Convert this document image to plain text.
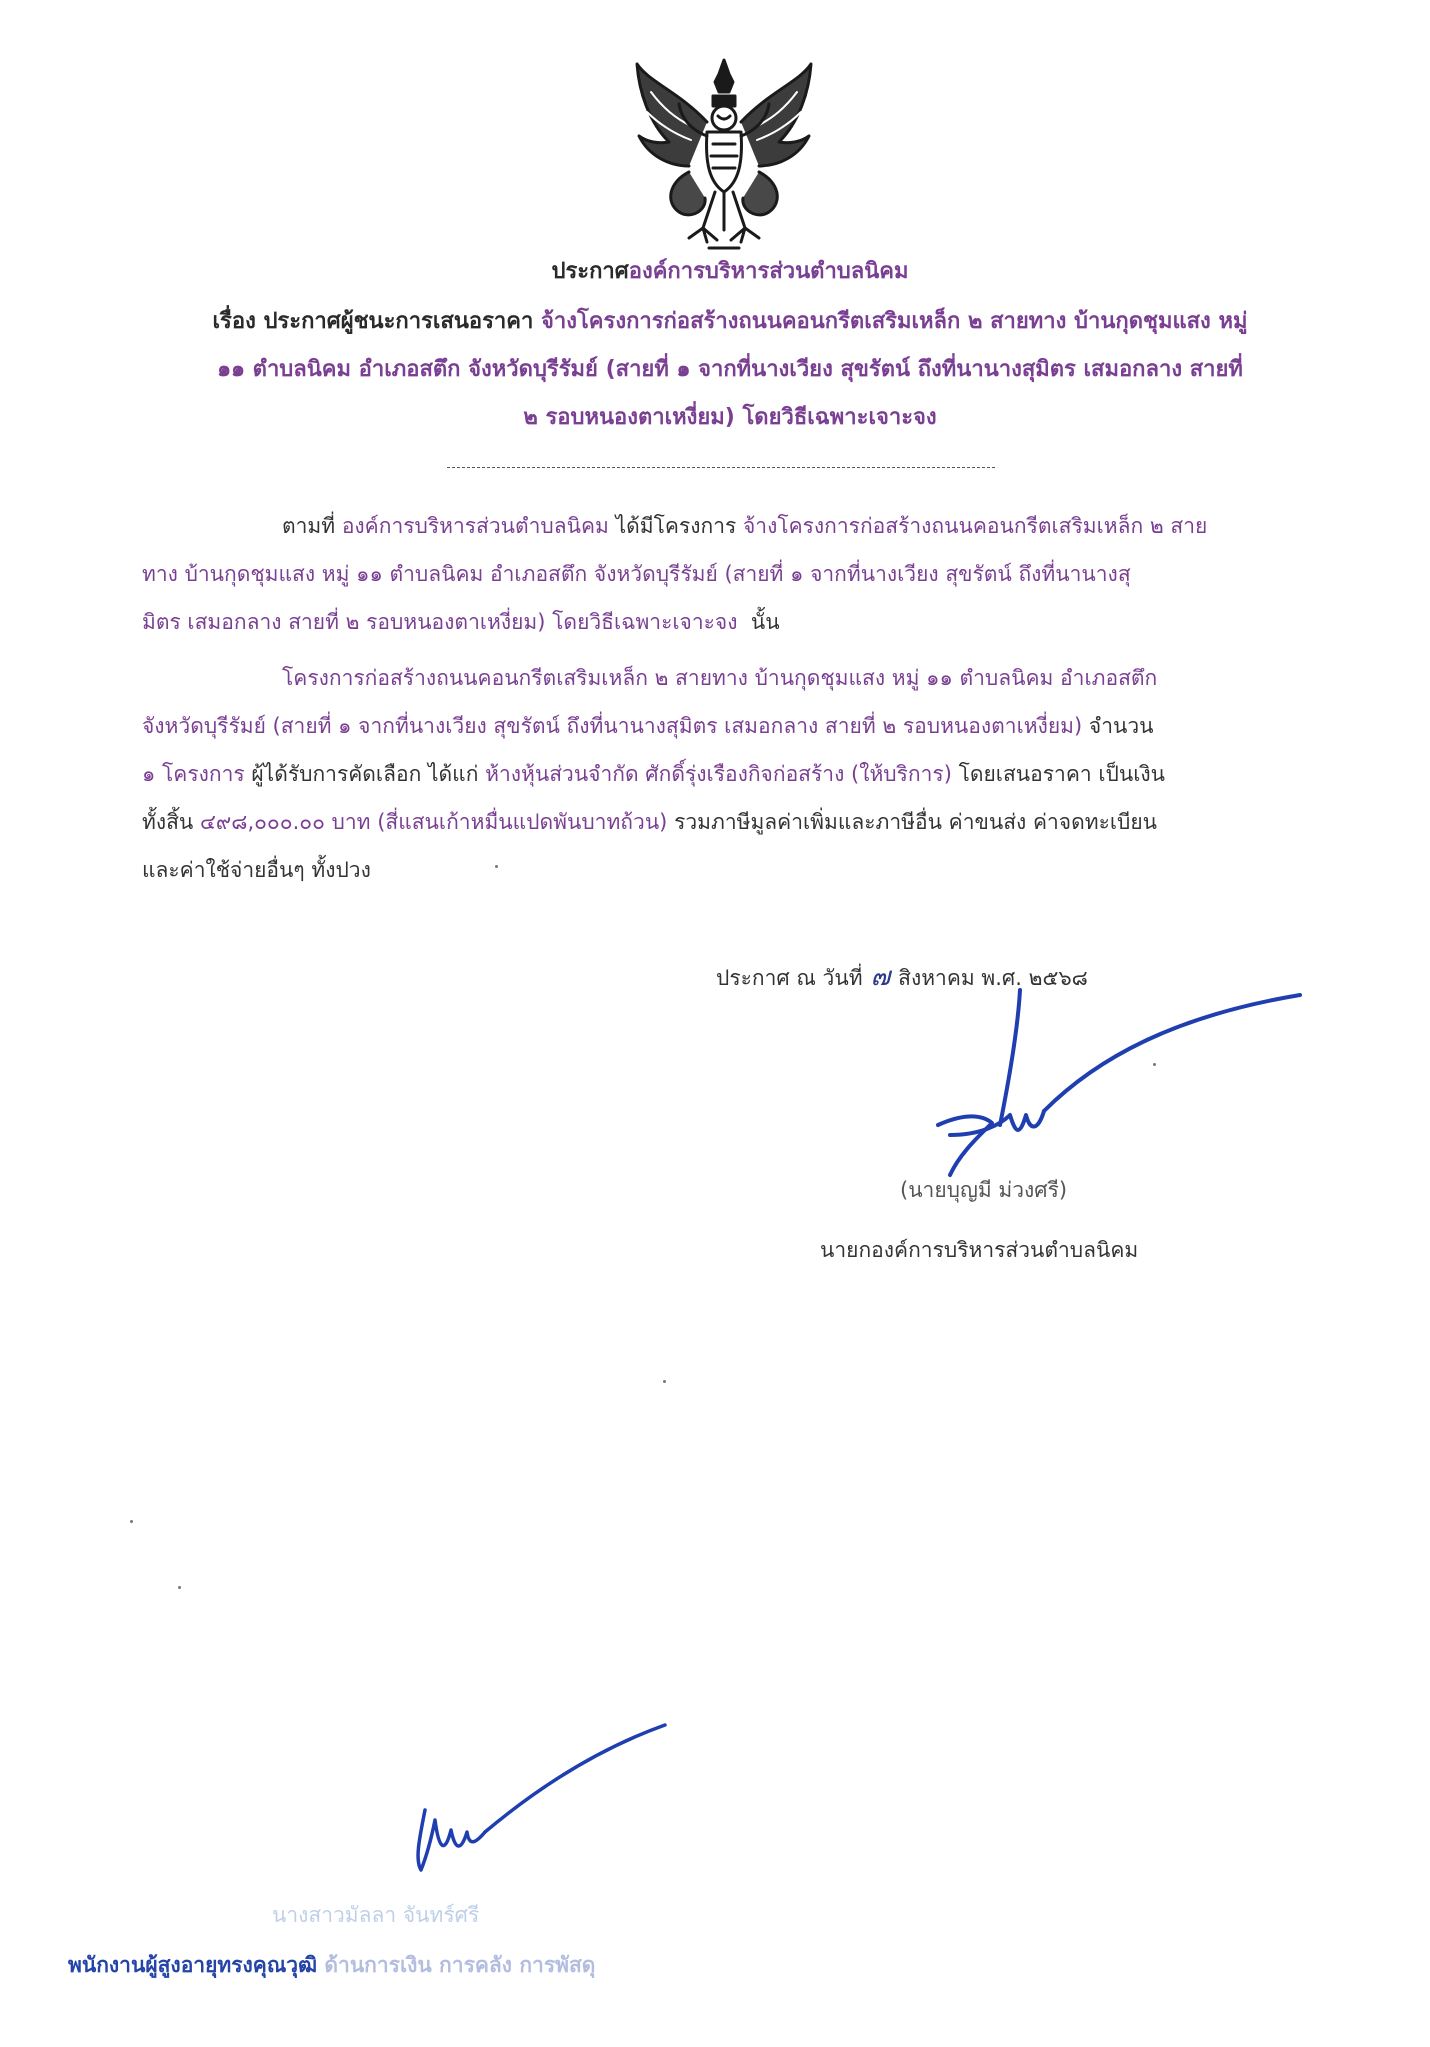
ประกาศองค์การบริหารส่วนตำบลนิคม
เรื่อง ประกาศผู้ชนะการเสนอราคา จ้างโครงการก่อสร้างถนนคอนกรีตเสริมเหล็ก ๒ สายทาง บ้านกุดชุมแสง หมู่
๑๑ ตำบลนิคม อำเภอสตึก จังหวัดบุรีรัมย์ (สายที่ ๑ จากที่นางเวียง สุขรัตน์ ถึงที่นานางสุมิตร เสมอกลาง สายที่
๒ รอบหนองตาเหงี่ยม) โดยวิธีเฉพาะเจาะจง
ตามที่ องค์การบริหารส่วนตำบลนิคม ได้มีโครงการ จ้างโครงการก่อสร้างถนนคอนกรีตเสริมเหล็ก ๒ สาย
ทาง บ้านกุดชุมแสง หมู่ ๑๑ ตำบลนิคม อำเภอสตึก จังหวัดบุรีรัมย์ (สายที่ ๑ จากที่นางเวียง สุขรัตน์ ถึงที่นานางสุ
มิตร เสมอกลาง สายที่ ๒ รอบหนองตาเหงี่ยม) โดยวิธีเฉพาะเจาะจง นั้น
โครงการก่อสร้างถนนคอนกรีตเสริมเหล็ก ๒ สายทาง บ้านกุดชุมแสง หมู่ ๑๑ ตำบลนิคม อำเภอสตึก
จังหวัดบุรีรัมย์ (สายที่ ๑ จากที่นางเวียง สุขรัตน์ ถึงที่นานางสุมิตร เสมอกลาง สายที่ ๒ รอบหนองตาเหงี่ยม) จำนวน
๑ โครงการ ผู้ได้รับการคัดเลือก ได้แก่ ห้างหุ้นส่วนจำกัด ศักดิ์รุ่งเรืองกิจก่อสร้าง (ให้บริการ) โดยเสนอราคา เป็นเงิน
ทั้งสิ้น ๔๙๘,๐๐๐.๐๐ บาท (สี่แสนเก้าหมื่นแปดพันบาทถ้วน) รวมภาษีมูลค่าเพิ่มและภาษีอื่น ค่าขนส่ง ค่าจดทะเบียน
และค่าใช้จ่ายอื่นๆ ทั้งปวง
ประกาศ ณ วันที่ ๗ สิงหาคม พ.ศ. ๒๕๖๘
(นายบุญมี ม่วงศรี)
นายกองค์การบริหารส่วนตำบลนิคม
นางสาวมัลลา จันทร์ศรี
พนักงานผู้สูงอายุทรงคุณวุฒิ ด้านการเงิน การคลัง การพัสดุ
